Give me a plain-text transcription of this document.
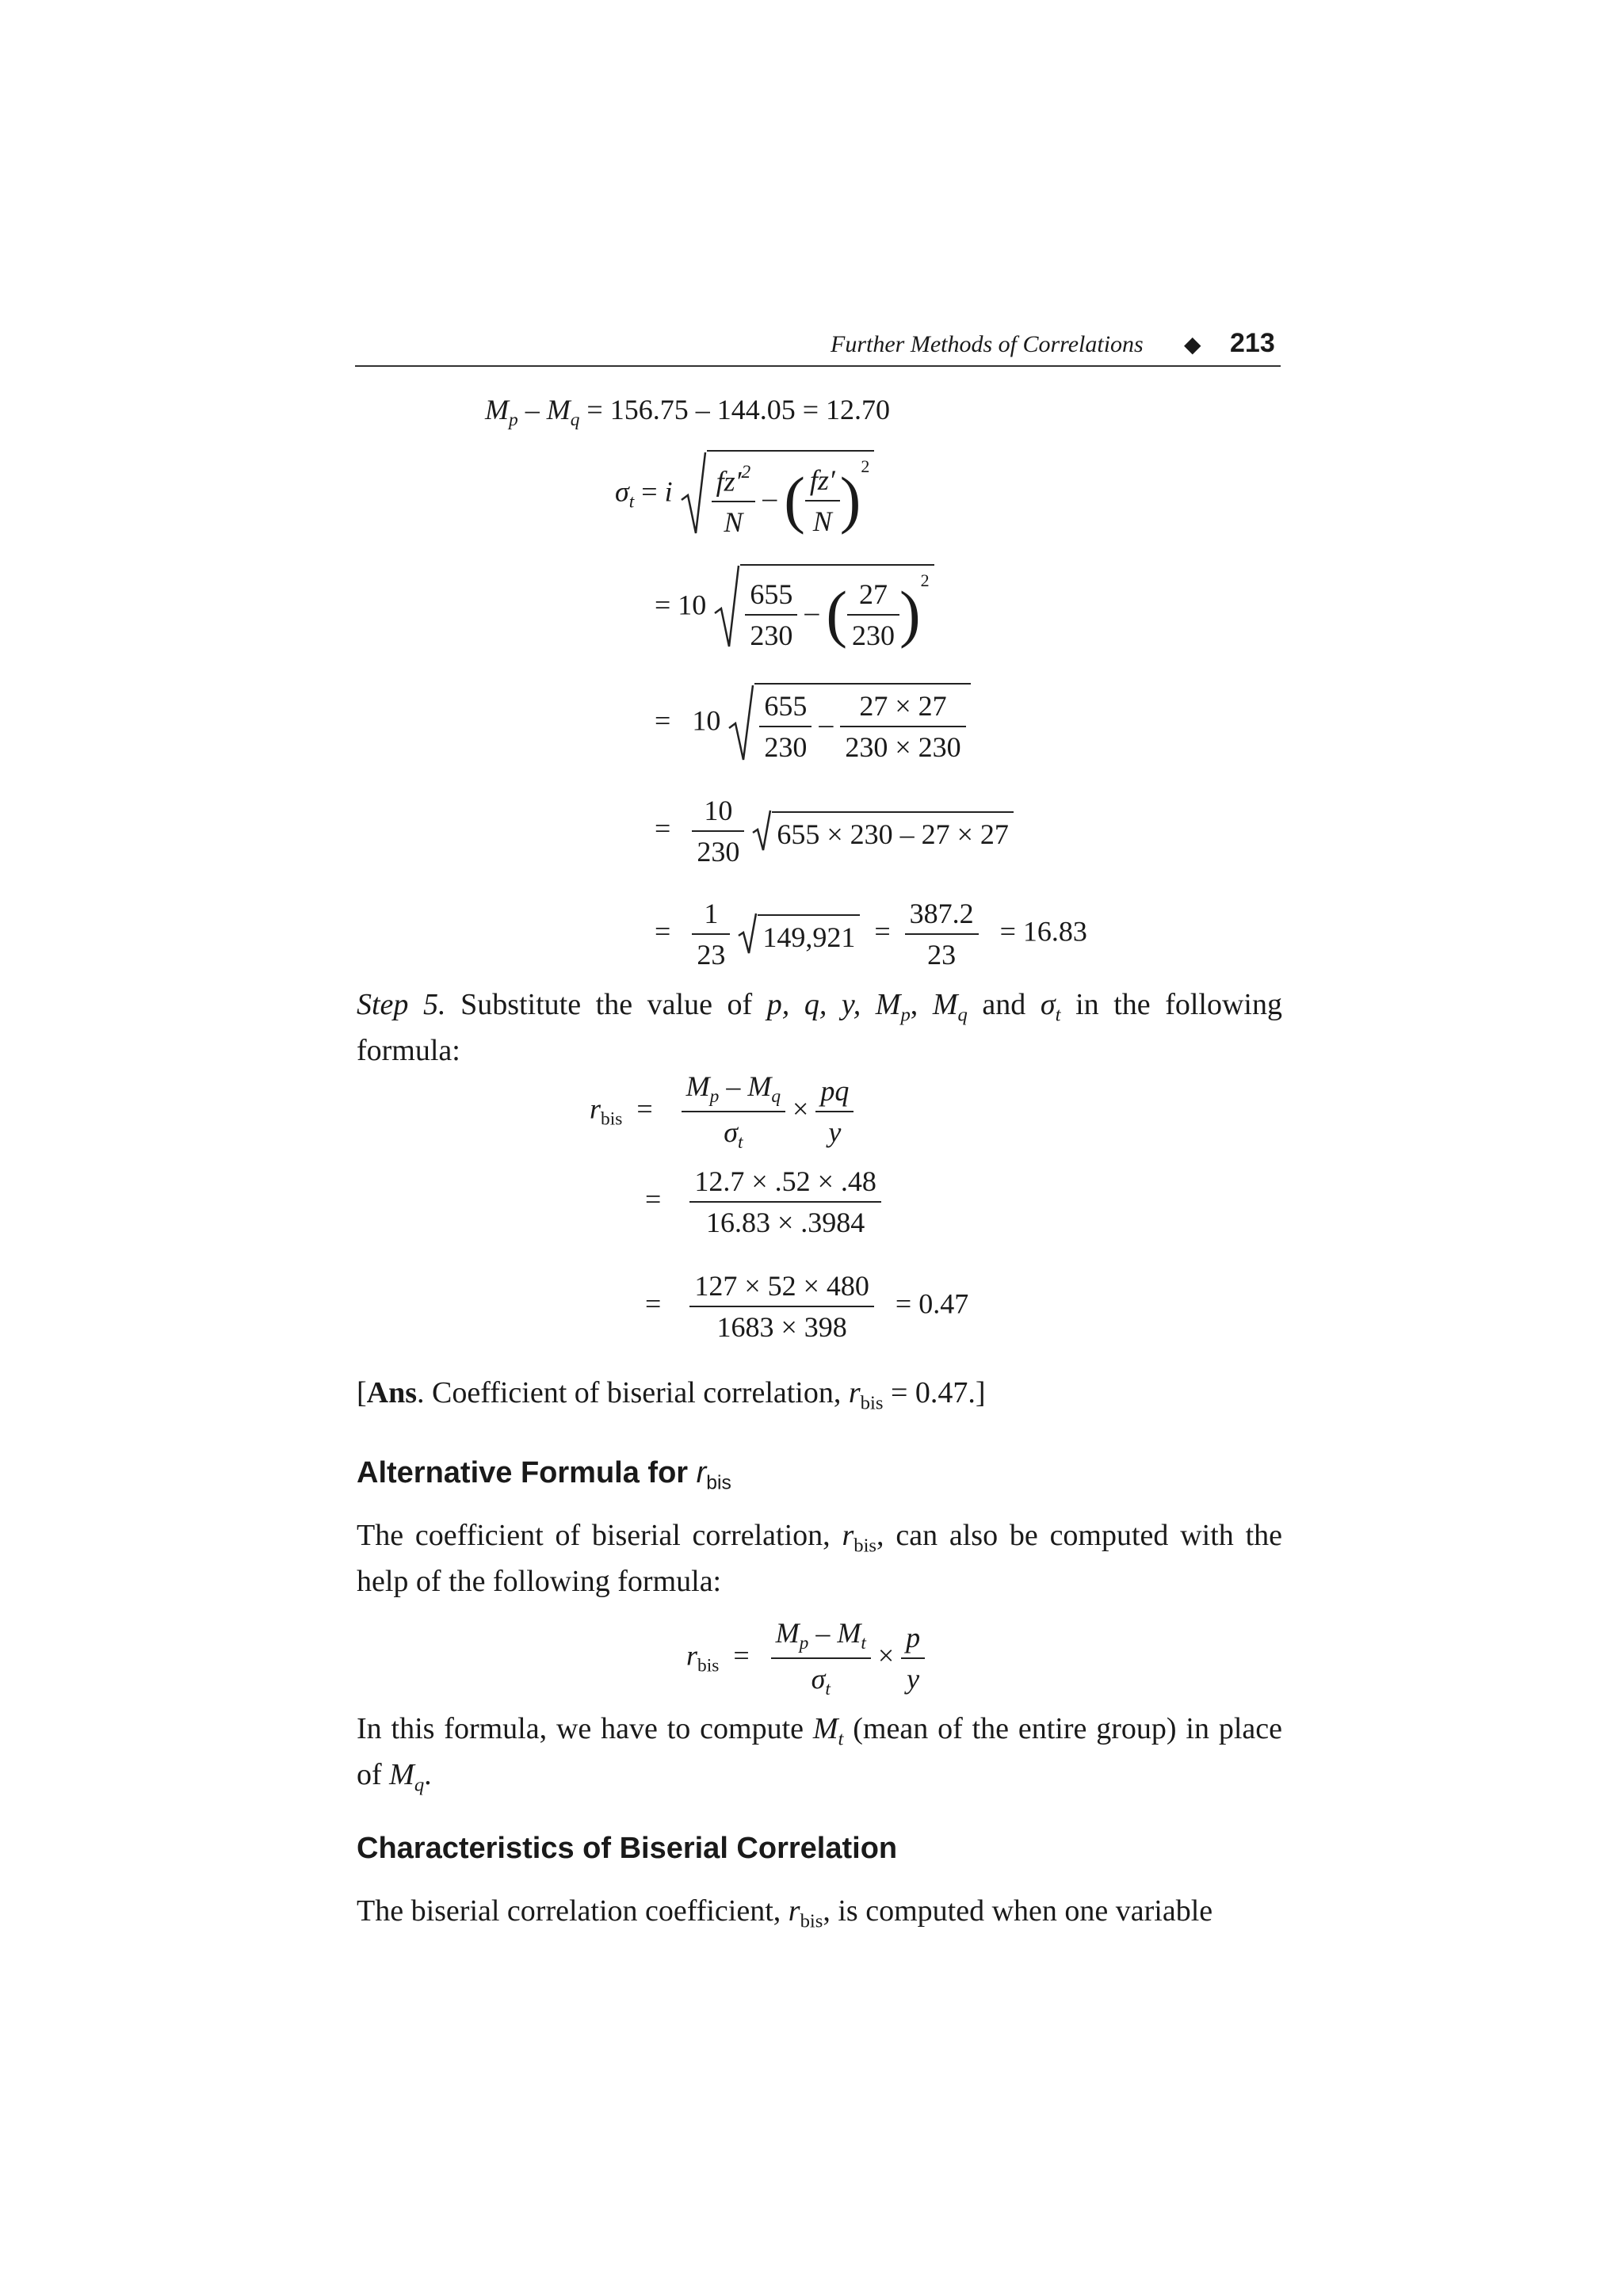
Further Methods of Correlations ◆ 213
$M_p - M_q = 156.75 - 144.05 = 12.70$
$\sigma_t = i \frac{fz'^2}{N}$ – ( $\frac{fz'}{N} )^2$
= $10 \frac{655}{230}$ – ( $\frac{27}{230} )^2$
= $10 \frac{655}{230} - \frac{27 \times 27}{230 \times 230}$
= $\frac{10}{230} 655 \times 230 - 27 \times 27$
= $\frac{1}{23} 149,921 = \frac{387.2}{23} = 16.83$
Step 5. Substitute the value of p, q, y, $M_p$, $M_q$ and $\sigma_t$ in the following formula:
$r_{bis} = \frac{M_p - M_q}{\sigma_t} \times \frac{pq}{y}$
= $\frac{12.7 \times .52 \times .48}{16.83 \times .3984}$
= $\frac{127 \times 52 \times 480}{1683 \times 398} = 0.47$
[Ans. Coefficient of biserial correlation, $r_{bis} = 0.47$.]
Alternative Formula for $r_{bis}$
The coefficient of biserial correlation, $r_{bis}$, can also be computed with the help of the following formula:
$r_{bis} = \frac{M_p - M_t}{\sigma_t} \times \frac{p}{y}$
In this formula, we have to compute $M_t$ (mean of the entire group) in place of $M_q$.
Characteristics of Biserial Correlation
The biserial correlation coefficient, $r_{bis}$, is computed when one variable
